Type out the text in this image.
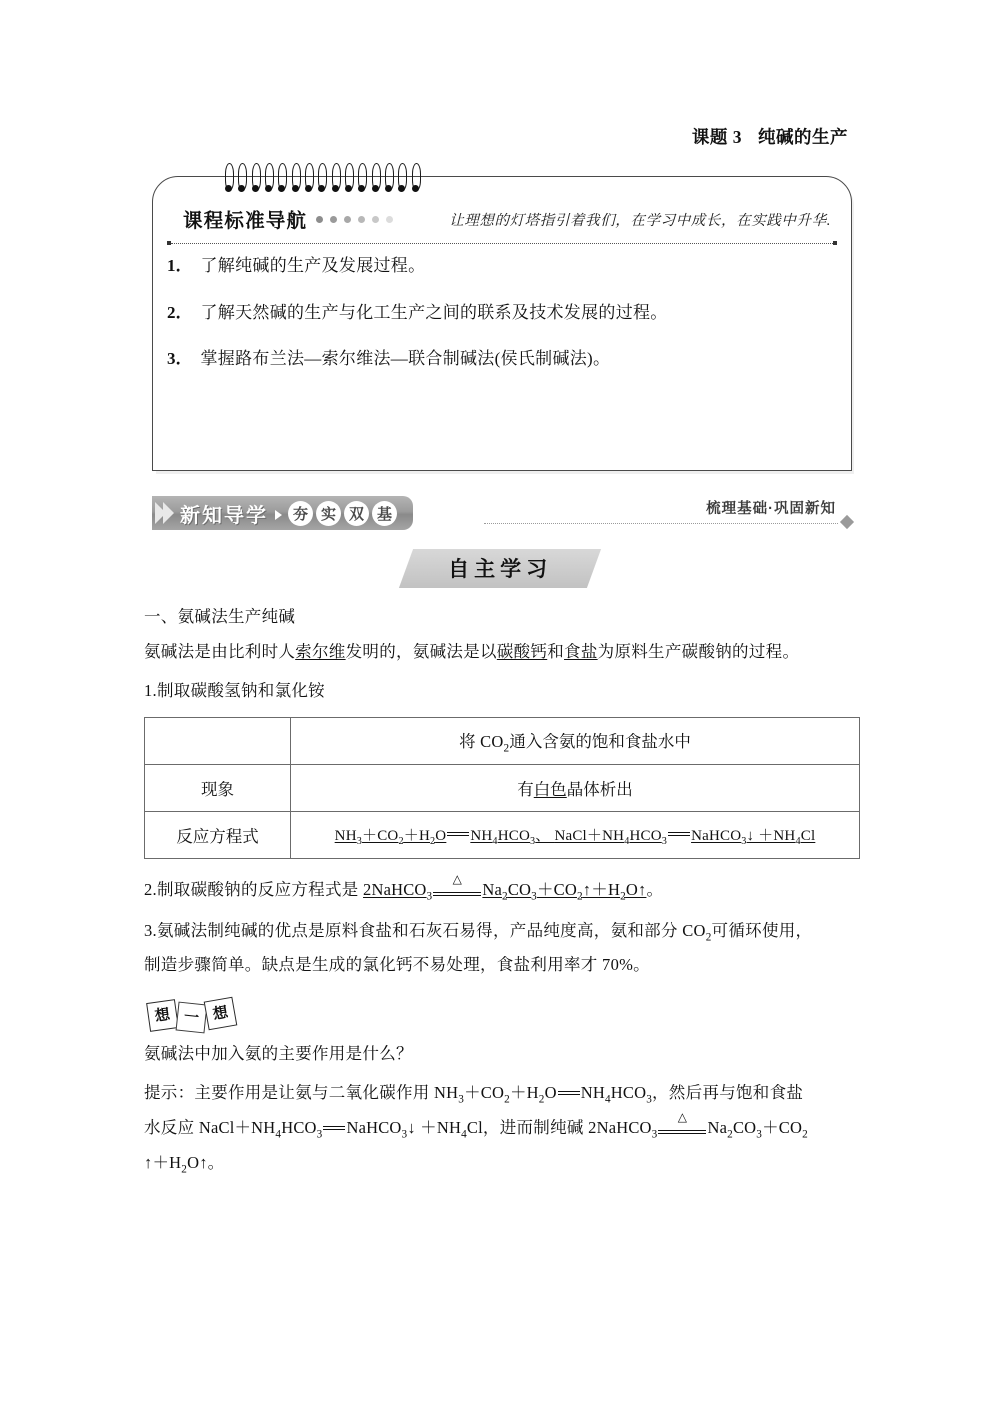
课题 3 纯碱的生产
课程标准导航	让理想的灯塔指引着我们，在学习中成长，在实践中升华.
1． 了解纯碱的生产及发展过程。
2． 了解天然碱的生产与化工生产之间的联系及技术发展的过程。
3． 掌握路布兰法—索尔维法—联合制碱法(侯氏制碱法)。
新知导学	夯 实 双 基	梳理基础·巩固新知
自主学习

一、氨碱法生产纯碱

氨碱法是由比利时人索尔维发明的，氨碱法是以碳酸钙和食盐为原料生产碳酸钠的过程。

1.制取碳酸氢钠和氯化铵

	将 $CO_2$通入含氨的饱和食盐水中
现象	有白色晶体析出
反应方程式	$NH_3+CO_2+H_2O$ $NH_4HCO_3$、 $NaCl+NH_4HCO_3$ NaHCO$_3$↓ $+NH_4Cl$

2.制取碳酸钠的反应方程式是 2NaHCO$_3$
△
$Na_2CO_3+CO_2↑+H_2O↑$。

3.氨碱法制纯碱的优点是原料食盐和石灰石易得，产品纯度高，氨和部分 $CO_2$可循环使用，
制造步骤简单。缺点是生成的氯化钙不易处理，食盐利用率才 70%。

想 一 想

氨碱法中加入氨的主要作用是什么？

提示：主要作用是让氨与二氧化碳作用 $NH_3+CO_2+H_2O$ $NH_4HCO_3$，然后再与饱和食盐
水反应 $NaCl+NH_4HCO_3$ NaHCO$_3$↓ $+NH_4Cl$，进而制纯碱 2NaHCO$_3$
△
$Na_2CO_3+CO_2$
$↑+H_2O↑$。
